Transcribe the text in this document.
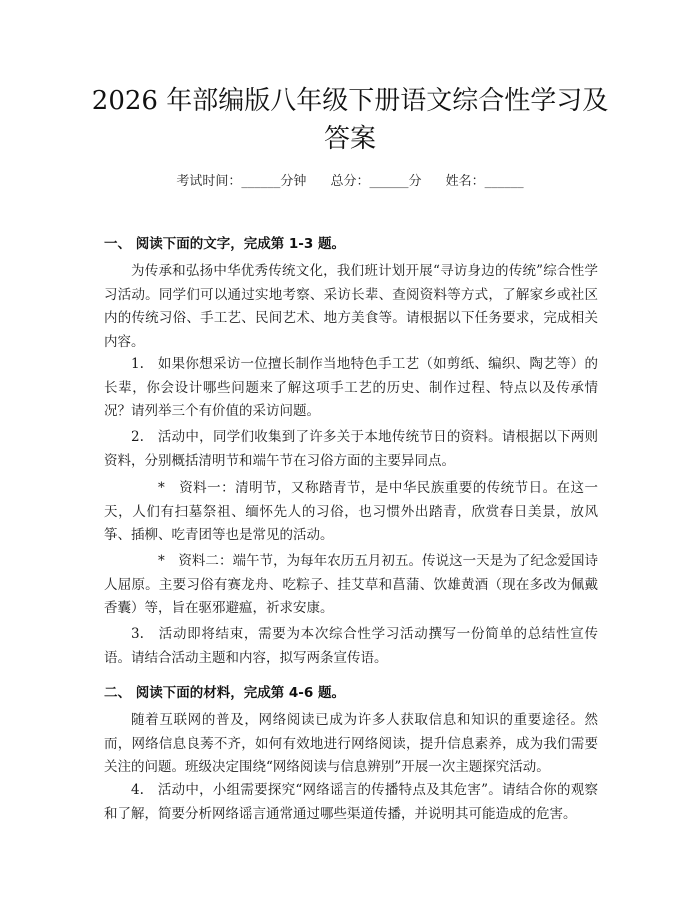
2026 年部编版八年级下册语文综合性学习及答案
考试时间：______分钟 总分：______分 姓名：______
一、 阅读下面的文字，完成第 1-3 题。
为传承和弘扬中华优秀传统文化，我们班计划开展“寻访身边的传统”综合性学习活动。同学们可以通过实地考察、采访长辈、查阅资料等方式，了解家乡或社区内的传统习俗、手工艺、民间艺术、地方美食等。请根据以下任务要求，完成相关内容。
1.　如果你想采访一位擅长制作当地特色手工艺（如剪纸、编织、陶艺等）的长辈，你会设计哪些问题来了解这项手工艺的历史、制作过程、特点以及传承情况？请列举三个有价值的采访问题。
2.　活动中，同学们收集到了许多关于本地传统节日的资料。请根据以下两则资料，分别概括清明节和端午节在习俗方面的主要异同点。
*　资料一：清明节，又称踏青节，是中华民族重要的传统节日。在这一天，人们有扫墓祭祖、缅怀先人的习俗，也习惯外出踏青，欣赏春日美景，放风筝、插柳、吃青团等也是常见的活动。
*　资料二：端午节，为每年农历五月初五。传说这一天是为了纪念爱国诗人屈原。主要习俗有赛龙舟、吃粽子、挂艾草和菖蒲、饮雄黄酒（现在多改为佩戴香囊）等，旨在驱邪避瘟，祈求安康。
3.　活动即将结束，需要为本次综合性学习活动撰写一份简单的总结性宣传语。请结合活动主题和内容，拟写两条宣传语。
二、 阅读下面的材料，完成第 4-6 题。
随着互联网的普及，网络阅读已成为许多人获取信息和知识的重要途径。然而，网络信息良莠不齐，如何有效地进行网络阅读，提升信息素养，成为我们需要关注的问题。班级决定围绕“网络阅读与信息辨别”开展一次主题探究活动。
4.　活动中，小组需要探究“网络谣言的传播特点及其危害”。请结合你的观察和了解，简要分析网络谣言通常通过哪些渠道传播，并说明其可能造成的危害。
